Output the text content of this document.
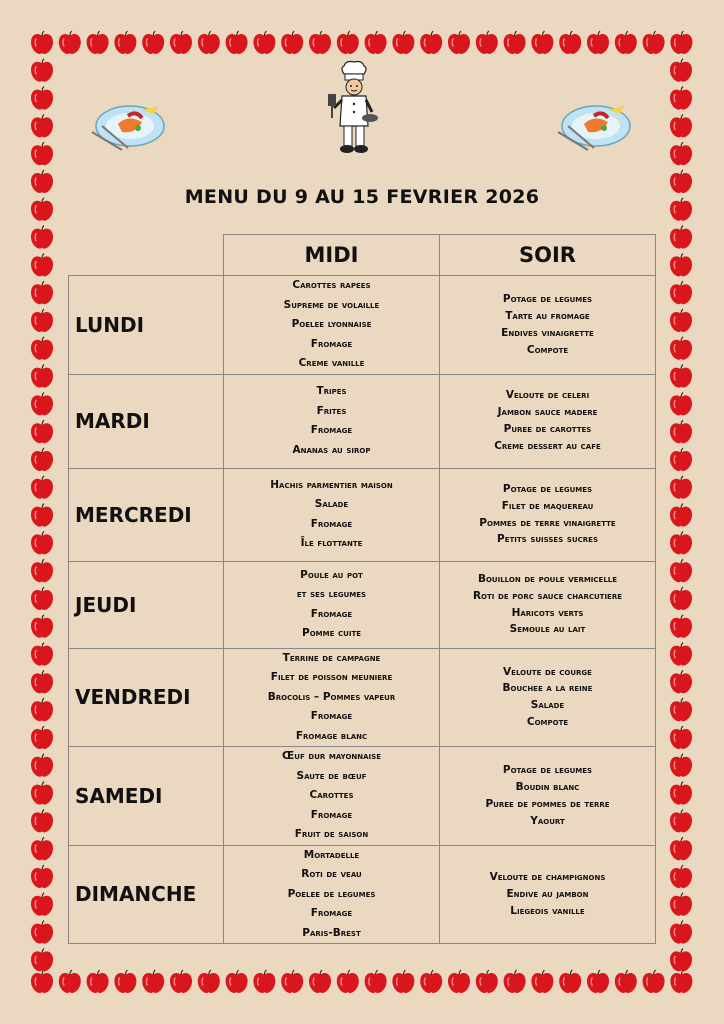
MENU DU 9 AU 15 FEVRIER 2026
	MIDI	SOIR
LUNDI	Carottes rapees
Supreme de volaille
Poelee lyonnaise
Fromage
Creme vanille	Potage de legumes
Tarte au fromage
Endives vinaigrette
Compote

MARDI	Tripes
Frites
Fromage
Ananas au sirop	Veloute de celeri
Jambon sauce madere
Puree de carottes
Creme dessert au cafe

MERCREDI	Hachis parmentier maison
Salade
Fromage
Île flottante	Potage de legumes
Filet de maquereau
Pommes de terre vinaigrette
Petits suisses sucres

JEUDI	Poule au pot
et ses legumes
Fromage
Pomme cuite	Bouillon de poule vermicelle
Roti de porc sauce charcutiere
Haricots verts
Semoule au lait

VENDREDI	Terrine de campagne
Filet de poisson meuniere
Brocolis – Pommes vapeur
Fromage
Fromage blanc	Veloute de courge
Bouchee a la reine
Salade
Compote

SAMEDI	Œuf dur mayonnaise
Saute de bœuf
Carottes
Fromage
Fruit de saison	Potage de legumes
Boudin blanc
Puree de pommes de terre
Yaourt

DIMANCHE	Mortadelle
Roti de veau
Poelee de legumes
Fromage
Paris-Brest	Veloute de champignons
Endive au jambon
Liegeois vanille
